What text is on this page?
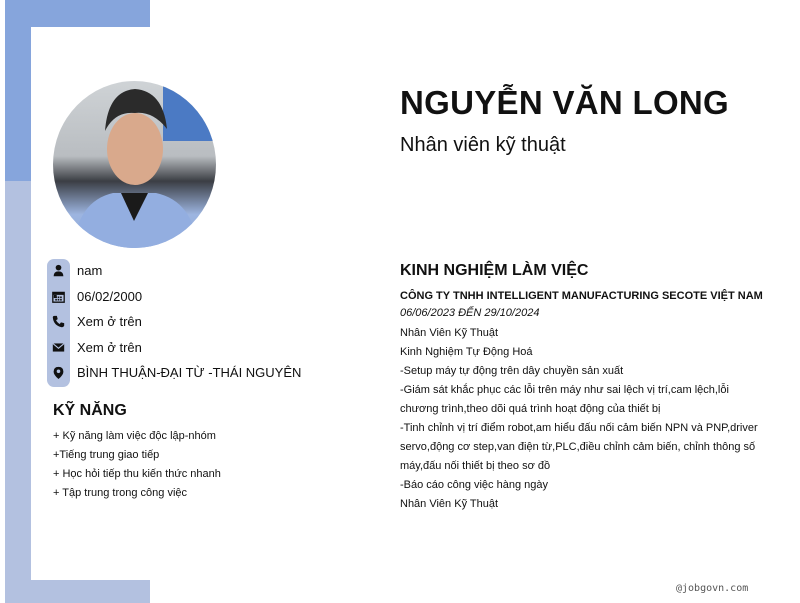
nam
06/02/2000
Xem ở trên
Xem ở trên
BÌNH THUẬN-ĐẠI TỪ -THÁI NGUYÊN
KỸ NĂNG
+ Kỹ năng làm việc độc lập-nhóm
+Tiếng trung giao tiếp
+ Học hỏi tiếp thu kiến thức nhanh
+ Tập trung trong công việc
NGUYỄN VĂN LONG
Nhân viên kỹ thuật
KINH NGHIỆM LÀM VIỆC
CÔNG TY TNHH INTELLIGENT MANUFACTURING SECOTE VIỆT NAM
06/06/2023 ĐẾN 29/10/2024
Nhân Viên Kỹ Thuật
Kinh Nghiệm Tự Động Hoá
-Setup máy tự động trên dây chuyền sản xuất
-Giám sát khắc phục các lỗi trên máy như sai lệch vị trí,cam lệch,lỗi
chương trình,theo dõi quá trình hoạt động của thiết bị
-Tinh chỉnh vị trí điểm robot,am hiểu đấu nối cảm biến NPN và PNP,driver
servo,động cơ step,van điện từ,PLC,điều chỉnh cảm biến, chỉnh thông số
máy,đấu nối thiết bị theo sơ đồ
-Báo cáo công việc hàng ngày
Nhân Viên Kỹ Thuật
@jobgovn.com
